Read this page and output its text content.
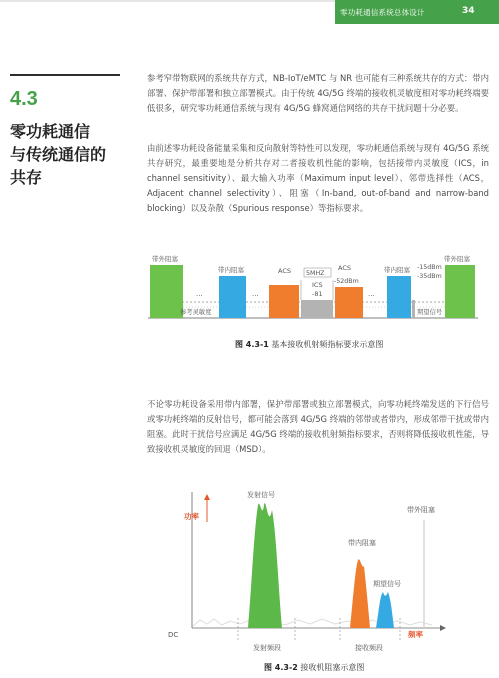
零功耗通信系统总体设计	34
4.3
零功耗通信
与传统通信的
共存
参考窄带物联网的系统共存方式，NB-IoT/eMTC 与 NR 也可能有三种系统共存的方式：带内部署、保护带部署和独立部署模式。由于传统 4G/5G 终端的接收机灵敏度相对零功耗终端要低很多，研究零功耗通信系统与现有 4G/5G 蜂窝通信网络的共存干扰问题十分必要。
由前述零功耗设备能量采集和反向散射等特性可以发现，零功耗通信系统与现有 4G/5G 系统共存研究，最重要地是分析共存对二者接收机性能的影响，包括接带内灵敏度（ICS，in channel sensitivity）、最大输入功率（Maximum input level）、邻带选择性（ACS，Adjacent channel selectivity）、阻塞（In-band, out-of-band and narrow-band blocking）以及杂散（Spurious response）等指标要求。
不论零功耗设备采用带内部署，保护带部署或独立部署模式，向零功耗终端发送的下行信号或零功耗终端的反射信号，都可能会落到 4G/5G 终端的邻带或者带内，形成邻带干扰或带内阻塞。此时干扰信号应满足 4G/5G 终端的接收机射频指标要求，否则将降低接收机性能，导致接收机灵敏度的回退（MSD）。
带外阻塞
...
带内阻塞
...
ACS 5MHZ
ICS
-81
ACS
-52dBm
...
带内阻塞 -15dBm
-35dBm
带外阻塞
参考灵敏度	期望信号
功率
发射信号
带内阻塞
期望信号
带外阻塞
DC
发射频段	接收频段
频率
图 4.3-1 基本接收机射频指标要求示意图
图 4.3-2 接收机阻塞示意图
